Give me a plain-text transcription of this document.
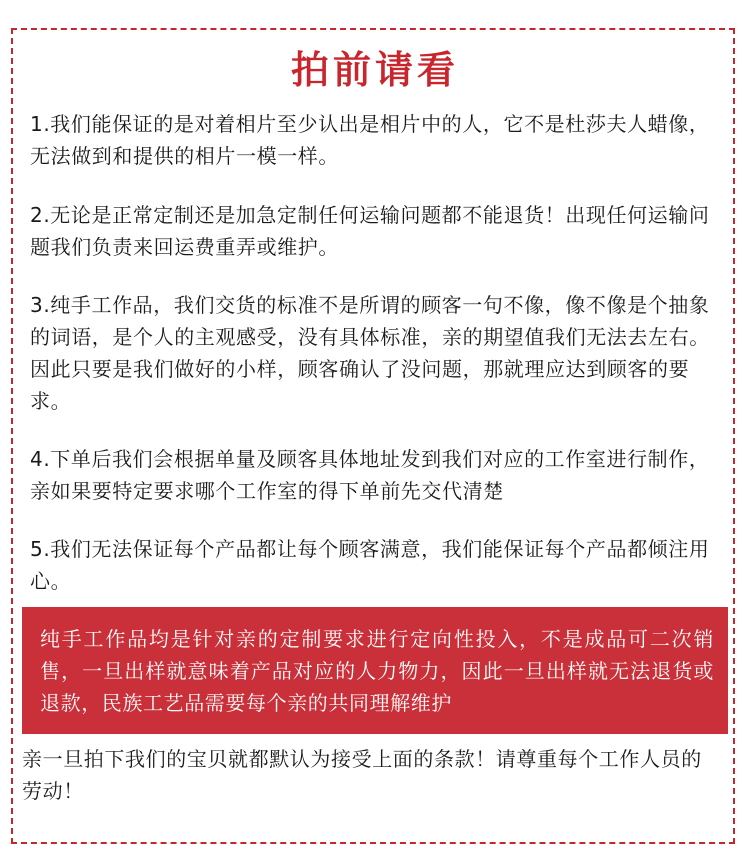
拍前请看

1.我们能保证的是对着相片至少认出是相片中的人，它不是杜莎夫人蜡像，无法做到和提供的相片一模一样。

2.无论是正常定制还是加急定制任何运输问题都不能退货！出现任何运输问题我们负责来回运费重弄或维护。

3.纯手工作品，我们交货的标准不是所谓的顾客一句不像，像不像是个抽象的词语，是个人的主观感受，没有具体标准，亲的期望值我们无法去左右。因此只要是我们做好的小样，顾客确认了没问题，那就理应达到顾客的要求。

4.下单后我们会根据单量及顾客具体地址发到我们对应的工作室进行制作，亲如果要特定要求哪个工作室的得下单前先交代清楚

5.我们无法保证每个产品都让每个顾客满意，我们能保证每个产品都倾注用心。

纯手工作品均是针对亲的定制要求进行定向性投入，不是成品可二次销售，一旦出样就意味着产品对应的人力物力，因此一旦出样就无法退货或退款，民族工艺品需要每个亲的共同理解维护

亲一旦拍下我们的宝贝就都默认为接受上面的条款！请尊重每个工作人员的劳动！
